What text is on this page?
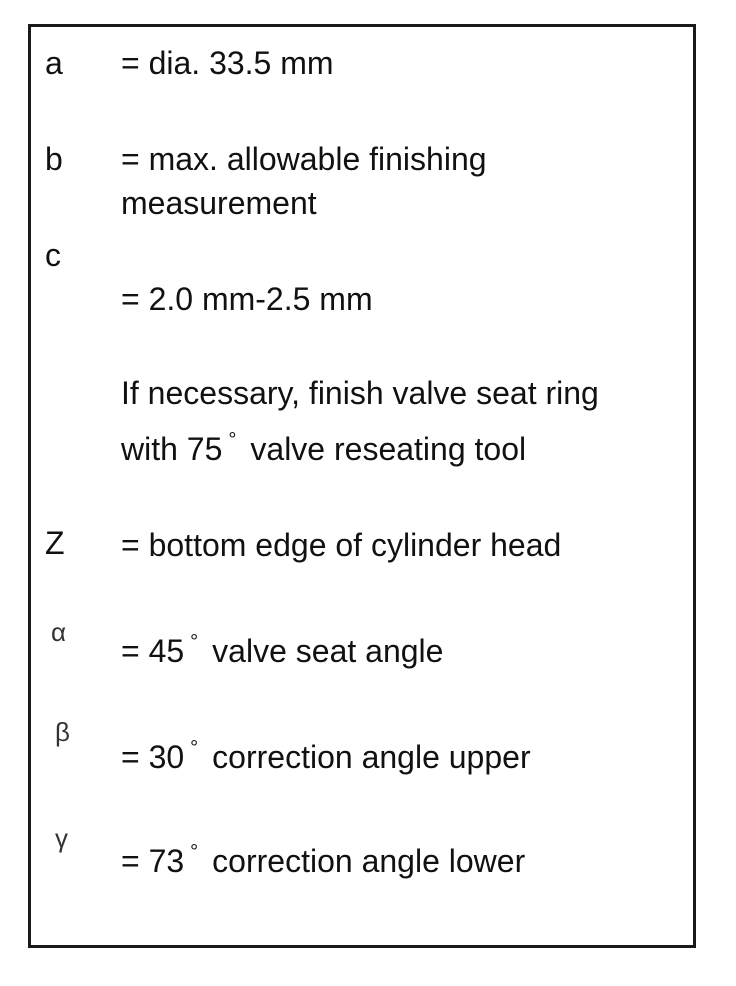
a = dia. 33.5 mm
b = max. allowable finishing
measurement
c
= 2.0 mm-2.5 mm
If necessary, finish valve seat ring
with 75 ° valve reseating tool
Z = bottom edge of cylinder head
α
= 45 ° valve seat angle
β
= 30 ° correction angle upper
γ
= 73 ° correction angle lower
